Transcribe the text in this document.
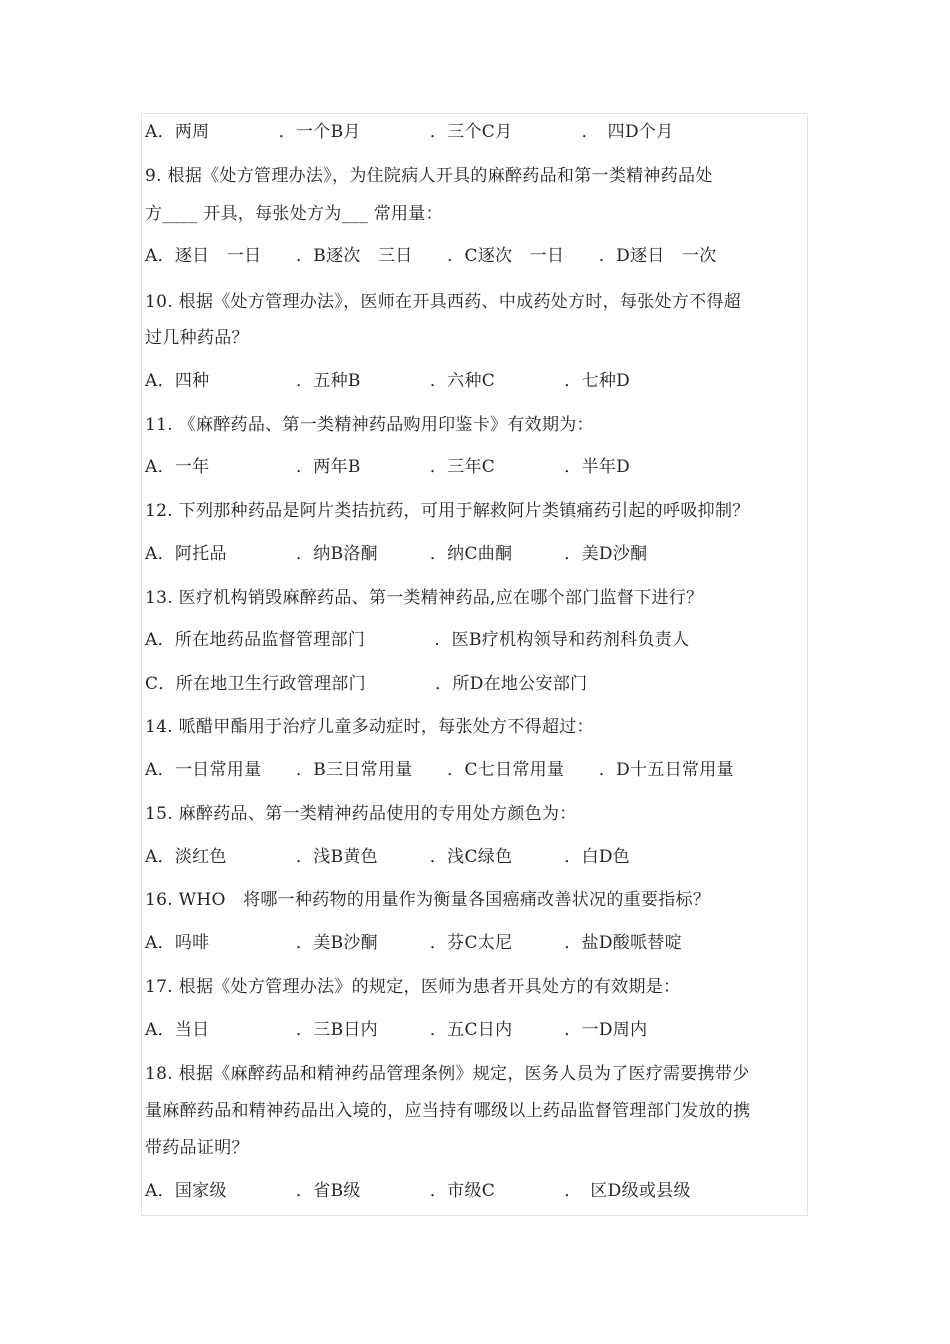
A．两周　　　　．一个B月　　　　．三个C月　　　　．　四D个月
9. 根据《处方管理办法》，为住院病人开具的麻醉药品和第一类精神药品处
方____ 开具，每张处方为___ 常用量：
A．逐日　一日　　．B逐次　三日　　．C逐次　一日　　．D逐日　一次
10. 根据《处方管理办法》，医师在开具西药、中成药处方时，每张处方不得超
过几种药品？
A．四种　　　　　．五种B　　　　．六种C　　　　．七种D
11. 《麻醉药品、第一类精神药品购用印鉴卡》有效期为：
A．一年　　　　　．两年B　　　　．三年C　　　　．半年D
12. 下列那种药品是阿片类拮抗药，可用于解救阿片类镇痛药引起的呼吸抑制？
A．阿托品　　　　．纳B洛酮　　　．纳C曲酮　　　．美D沙酮
13. 医疗机构销毁麻醉药品、第一类精神药品,应在哪个部门监督下进行？
A．所在地药品监督管理部门　　　　．医B疗机构领导和药剂科负责人
C．所在地卫生行政管理部门　　　　．所D在地公安部门
14. 哌醋甲酯用于治疗儿童多动症时，每张处方不得超过：
A．一日常用量　　．B三日常用量　　．C七日常用量　　．D十五日常用量
15. 麻醉药品、第一类精神药品使用的专用处方颜色为：
A．淡红色　　　　．浅B黄色　　　．浅C绿色　　　．白D色
16. WHO　将哪一种药物的用量作为衡量各国癌痛改善状况的重要指标？
A．吗啡　　　　　．美B沙酮　　　．芬C太尼　　　．盐D酸哌替啶
17. 根据《处方管理办法》的规定，医师为患者开具处方的有效期是：
A．当日　　　　　．三B日内　　　．五C日内　　　．一D周内
18. 根据《麻醉药品和精神药品管理条例》规定，医务人员为了医疗需要携带少
量麻醉药品和精神药品出入境的，应当持有哪级以上药品监督管理部门发放的携
带药品证明？
A．国家级　　　　．省B级　　　　．市级C　　　　．　区D级或县级
